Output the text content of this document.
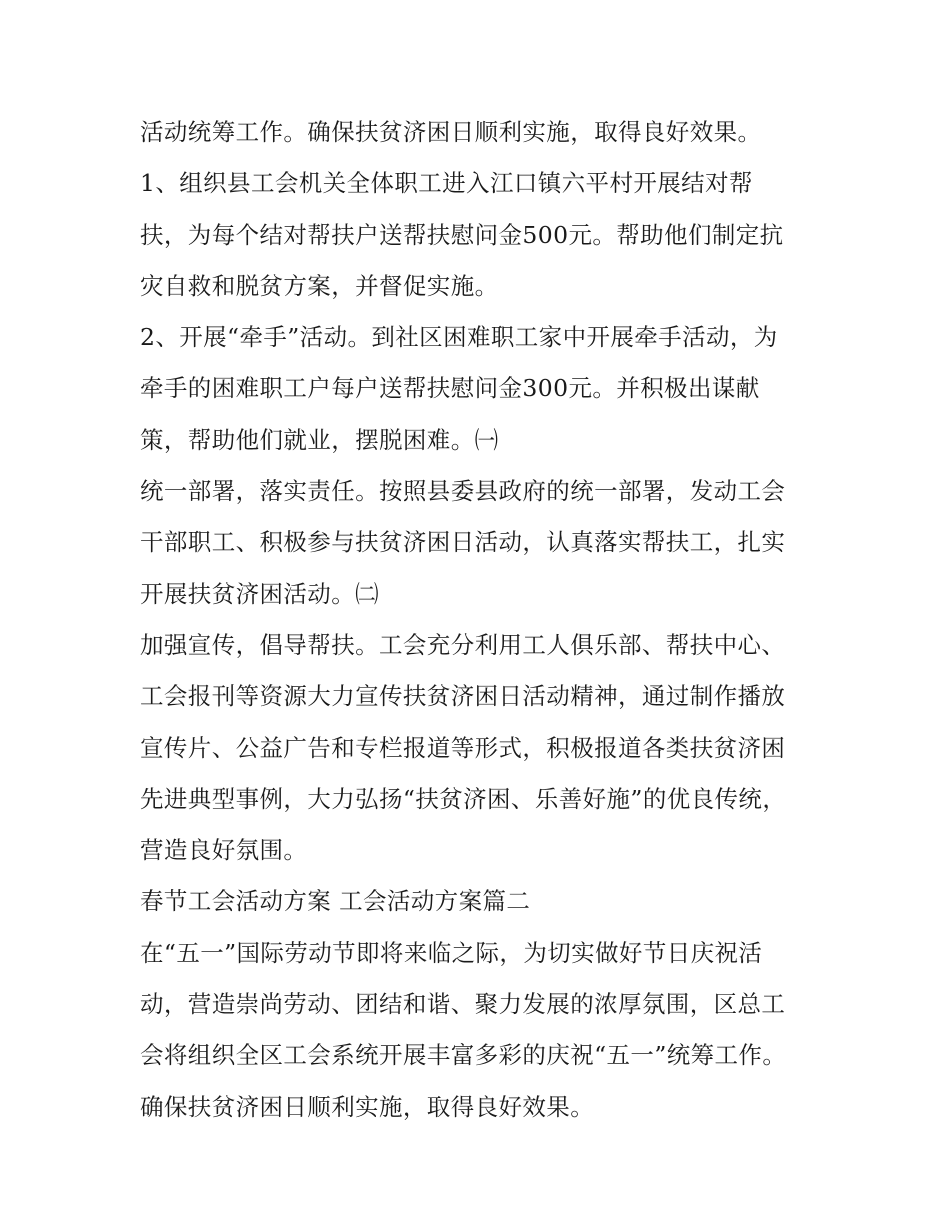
活动统筹工作。确保扶贫济困日顺利实施，取得良好效果。
1、组织县工会机关全体职工进入江口镇六平村开展结对帮
扶，为每个结对帮扶户送帮扶慰问金500元。帮助他们制定抗
灾自救和脱贫方案，并督促实施。
2、开展“牵手”活动。到社区困难职工家中开展牵手活动，为
牵手的困难职工户每户送帮扶慰问金300元。并积极出谋献
策，帮助他们就业，摆脱困难。㈠
统一部署，落实责任。按照县委县政府的统一部署，发动工会
干部职工、积极参与扶贫济困日活动，认真落实帮扶工，扎实
开展扶贫济困活动。㈡
加强宣传，倡导帮扶。工会充分利用工人俱乐部、帮扶中心、
工会报刊等资源大力宣传扶贫济困日活动精神，通过制作播放
宣传片、公益广告和专栏报道等形式，积极报道各类扶贫济困
先进典型事例，大力弘扬“扶贫济困、乐善好施”的优良传统，
营造良好氛围。
春节工会活动方案 工会活动方案篇二
在“五一”国际劳动节即将来临之际，为切实做好节日庆祝活
动，营造崇尚劳动、团结和谐、聚力发展的浓厚氛围，区总工
会将组织全区工会系统开展丰富多彩的庆祝“五一”统筹工作。
确保扶贫济困日顺利实施，取得良好效果。
